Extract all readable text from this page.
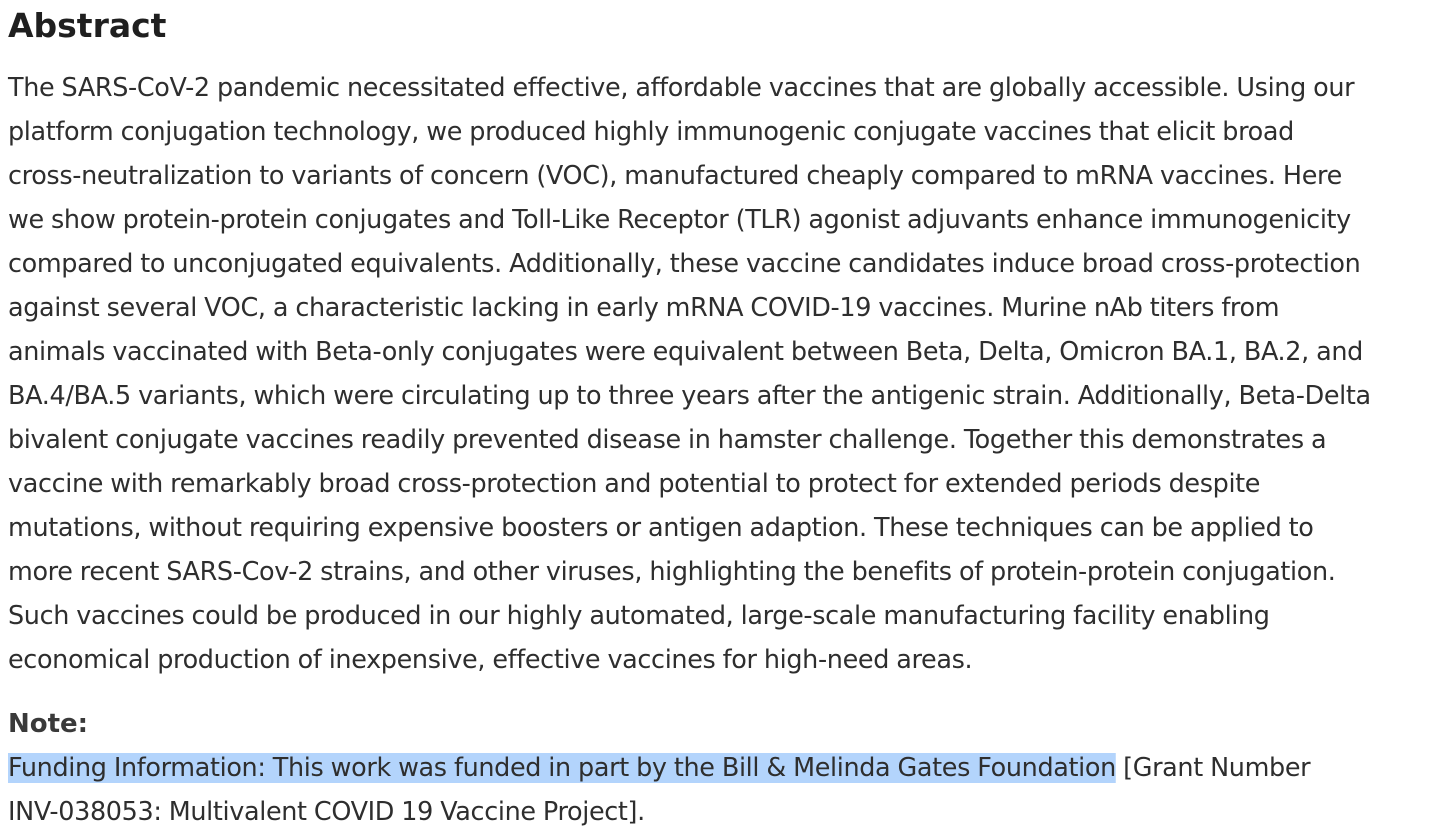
Abstract
The SARS-CoV-2 pandemic necessitated effective, affordable vaccines that are globally accessible. Using our platform conjugation technology, we produced highly immunogenic conjugate vaccines that elicit broad cross-neutralization to variants of concern (VOC), manufactured cheaply compared to mRNA vaccines. Here we show protein-protein conjugates and Toll-Like Receptor (TLR) agonist adjuvants enhance immunogenicity compared to unconjugated equivalents. Additionally, these vaccine candidates induce broad cross-protection against several VOC, a characteristic lacking in early mRNA COVID-19 vaccines. Murine nAb titers from animals vaccinated with Beta-only conjugates were equivalent between Beta, Delta, Omicron BA.1, BA.2, and BA.4/BA.5 variants, which were circulating up to three years after the antigenic strain. Additionally, Beta-Delta bivalent conjugate vaccines readily prevented disease in hamster challenge. Together this demonstrates a vaccine with remarkably broad cross-protection and potential to protect for extended periods despite mutations, without requiring expensive boosters or antigen adaption. These techniques can be applied to more recent SARS-Cov-2 strains, and other viruses, highlighting the benefits of protein-protein conjugation. Such vaccines could be produced in our highly automated, large-scale manufacturing facility enabling economical production of inexpensive, effective vaccines for high-need areas.
Note:
Funding Information: This work was funded in part by the Bill & Melinda Gates Foundation [Grant Number INV-038053: Multivalent COVID 19 Vaccine Project].
